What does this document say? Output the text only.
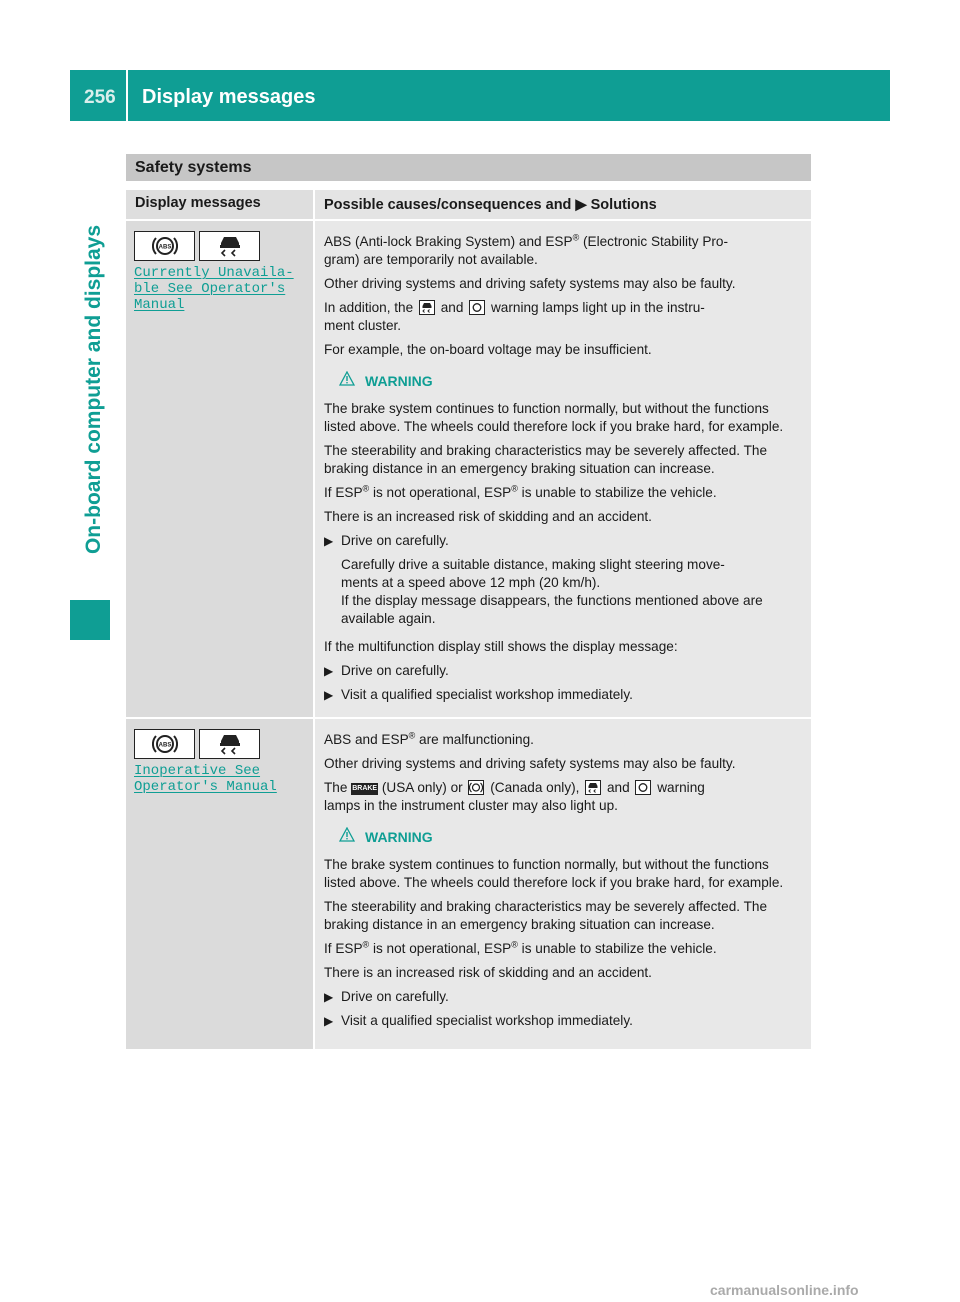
256 Display messages
On-board computer and displays
Safety systems
Display messages	Possible causes/consequences and ▶ Solutions
ABS
Currently Unavaila‐
ble See Operator's
Manual

ABS (Anti-lock Braking System) and ESP® (Electronic Stability Pro-

gram) are temporarily not available.

Other driving systems and driving safety systems may also be faulty.

In addition, the
and
warning lamps light up in the instru-

ment cluster.

For example, the on-board voltage may be insufficient.

WARNING

The brake system continues to function normally, but without the functions listed above. The wheels could therefore lock if you brake hard, for example.

The steerability and braking characteristics may be severely affected. The braking distance in an emergency braking situation can increase.

If ESP® is not operational, ESP® is unable to stabilize the vehicle.

There is an increased risk of skidding and an accident.

▶ Drive on carefully.
Carefully drive a suitable distance, making slight steering move-
ments at a speed above 12 mph (20 km/h).
If the display message disappears, the functions mentioned above are available again.

If the multifunction display still shows the display message:

▶ Drive on carefully.
▶ Visit a qualified specialist workshop immediately.
ABS
Inoperative See
Operator's Manual

ABS and ESP® are malfunctioning.

Other driving systems and driving safety systems may also be faulty.

The BRAKE (USA only) or
(Canada only),
and
warning

lamps in the instrument cluster may also light up.

WARNING

The brake system continues to function normally, but without the functions listed above. The wheels could therefore lock if you brake hard, for example.

The steerability and braking characteristics may be severely affected. The braking distance in an emergency braking situation can increase.

If ESP® is not operational, ESP® is unable to stabilize the vehicle.

There is an increased risk of skidding and an accident.

▶ Drive on carefully.
▶ Visit a qualified specialist workshop immediately.
carmanualsonline.info
